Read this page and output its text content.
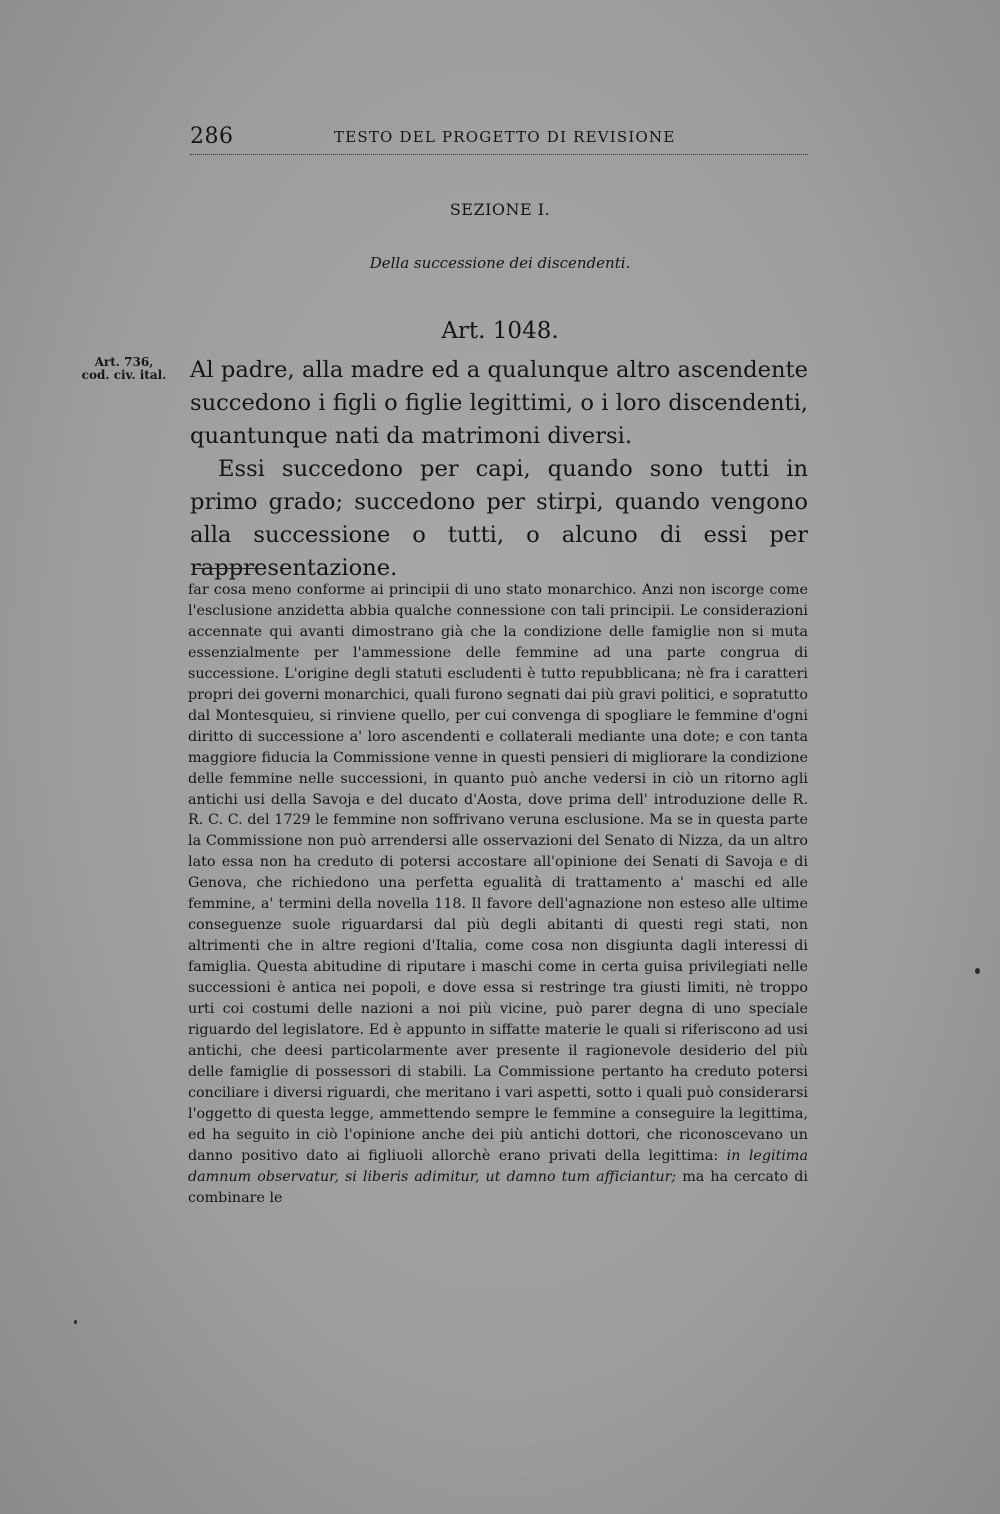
286	TESTO DEL PROGETTO DI REVISIONE
SEZIONE I.
Della successione dei discendenti.
Art. 1048.
Art. 736,
cod. civ. ital.	Al padre, alla madre ed a qualunque altro ascendente succedono i figli o figlie legittimi, o i loro discendenti, quantunque nati da matrimoni diversi.

Essi succedono per capi, quando sono tutti in primo grado; succedono per stirpi, quando vengono alla successione o tutti, o alcuno di essi per rappresentazione.

far cosa meno conforme ai principii di uno stato monarchico. Anzi non iscorge come l'esclusione anzidetta abbia qualche connessione con tali principii. Le considerazioni accennate qui avanti dimostrano già che la condizione delle famiglie non si muta essenzialmente per l'ammessione delle femmine ad una parte congrua di successione. L'origine degli statuti escludenti è tutto repubblicana; nè fra i caratteri propri dei governi monarchici, quali furono segnati dai più gravi politici, e sopratutto dal Montesquieu, si rinviene quello, per cui convenga di spogliare le femmine d'ogni diritto di successione a' loro ascendenti e collaterali mediante una dote; e con tanta maggiore fiducia la Commissione venne in questi pensieri di migliorare la condizione delle femmine nelle successioni, in quanto può anche vedersi in ciò un ritorno agli antichi usi della Savoja e del ducato d'Aosta, dove prima dell' introduzione delle R. R. C. C. del 1729 le femmine non soffrivano veruna esclusione. Ma se in questa parte la Commissione non può arrendersi alle osservazioni del Senato di Nizza, da un altro lato essa non ha creduto di potersi accostare all'opinione dei Senati di Savoja e di Genova, che richiedono una perfetta egualità di trattamento a' maschi ed alle femmine, a' termini della novella 118. Il favore dell'agnazione non esteso alle ultime conseguenze suole riguardarsi dal più degli abitanti di questi regi stati, non altrimenti che in altre regioni d'Italia, come cosa non disgiunta dagli interessi di famiglia. Questa abitudine di riputare i maschi come in certa guisa privilegiati nelle successioni è antica nei popoli, e dove essa si restringe tra giusti limiti, nè troppo urti coi costumi delle nazioni a noi più vicine, può parer degna di uno speciale riguardo del legislatore. Ed è appunto in siffatte materie le quali si riferiscono ad usi antichi, che deesi particolarmente aver presente il ragionevole desiderio del più delle famiglie di possessori di stabili. La Commissione pertanto ha creduto potersi conciliare i diversi riguardi, che meritano i vari aspetti, sotto i quali può considerarsi l'oggetto di questa legge, ammettendo sempre le femmine a conseguire la legittima, ed ha seguito in ciò l'opinione anche dei più antichi dottori, che riconoscevano un danno positivo dato ai figliuoli allorchè erano privati della legittima: in legitima damnum observatur, si liberis adimitur, ut damno tum afficiantur; ma ha cercato di combinare le
